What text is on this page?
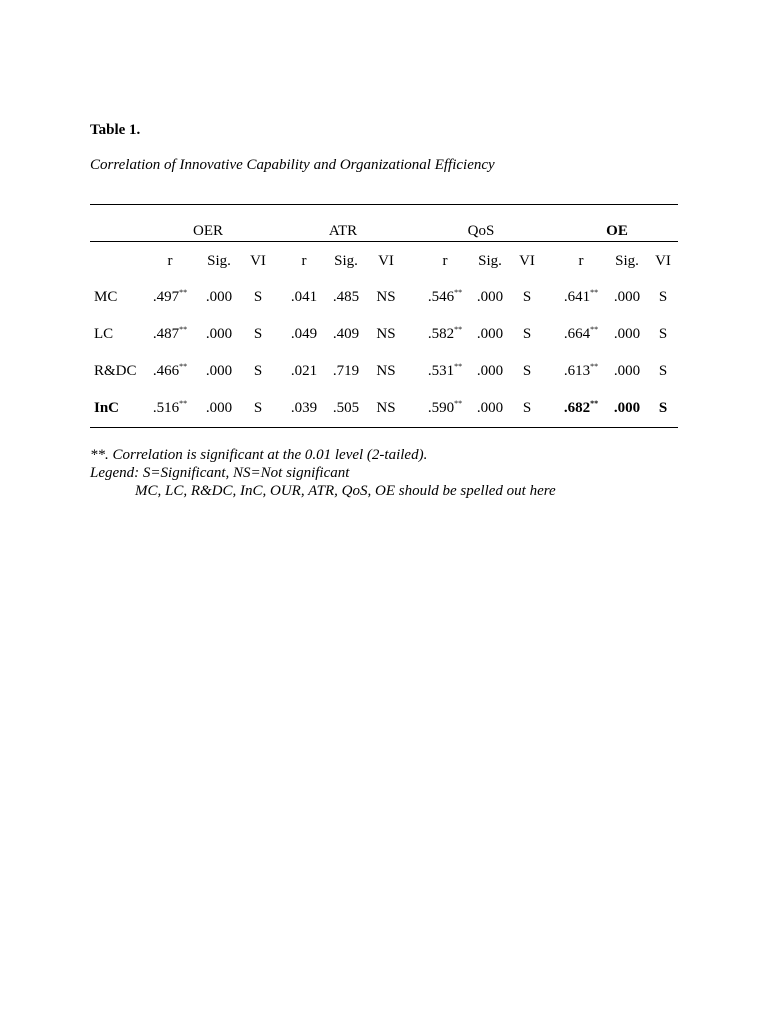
Table 1.
Correlation of Innovative Capability and Organizational Efficiency
OER
r Sig. VI
ATR
r Sig. VI
QoS
r Sig. VI
OE
r Sig. VI
MC .497** .000 S .041 .485 NS .546** .000 S .641** .000 S
LC	.487** .000 S .049 .409 NS .582** .000 S .664** .000 S
R&DC .466** .000 S .021 .719 NS .531** .000 S .613** .000 S
InC .516** .000 S .039 .505 NS .590** .000 S .682** .000 S
**. Correlation is significant at the 0.01 level (2-tailed).
Legend: S=Significant, NS=Not significant
MC, LC, R&DC, InC, OUR, ATR, QoS, OE should be spelled out here
